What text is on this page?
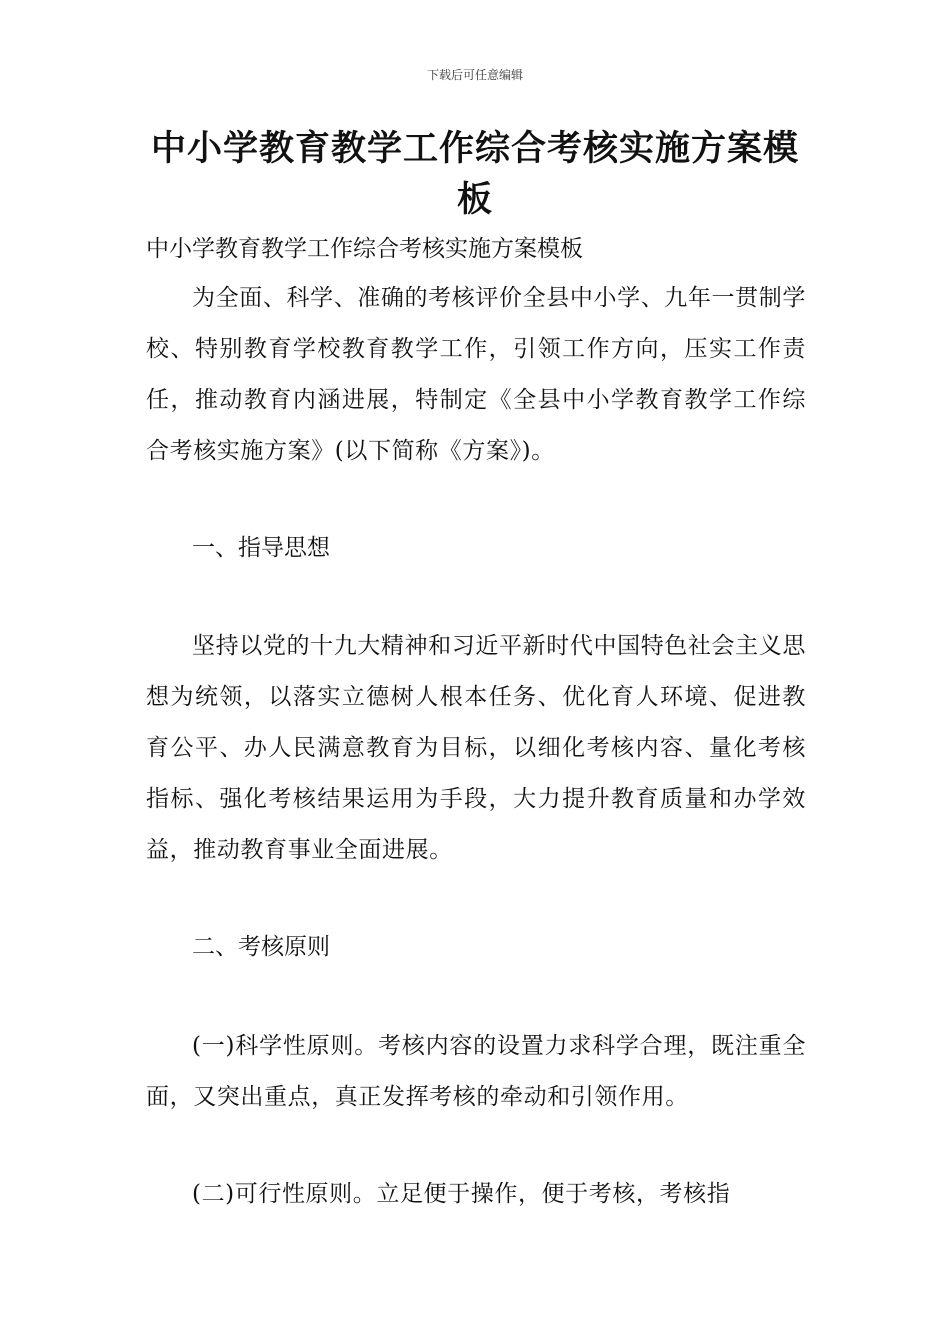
下载后可任意编辑
中小学教育教学工作综合考核实施方案模板

中小学教育教学工作综合考核实施方案模板

为全面、科学、准确的考核评价全县中小学、九年一贯制学校、特别教育学校教育教学工作，引领工作方向，压实工作责任，推动教育内涵进展，特制定《全县中小学教育教学工作综合考核实施方案》(以下简称《方案》)。

一、指导思想

坚持以党的十九大精神和习近平新时代中国特色社会主义思想为统领，以落实立德树人根本任务、优化育人环境、促进教育公平、办人民满意教育为目标，以细化考核内容、量化考核指标、强化考核结果运用为手段，大力提升教育质量和办学效益，推动教育事业全面进展。

二、考核原则

(一)科学性原则。考核内容的设置力求科学合理，既注重全面，又突出重点，真正发挥考核的牵动和引领作用。

(二)可行性原则。立足便于操作，便于考核，考核指
